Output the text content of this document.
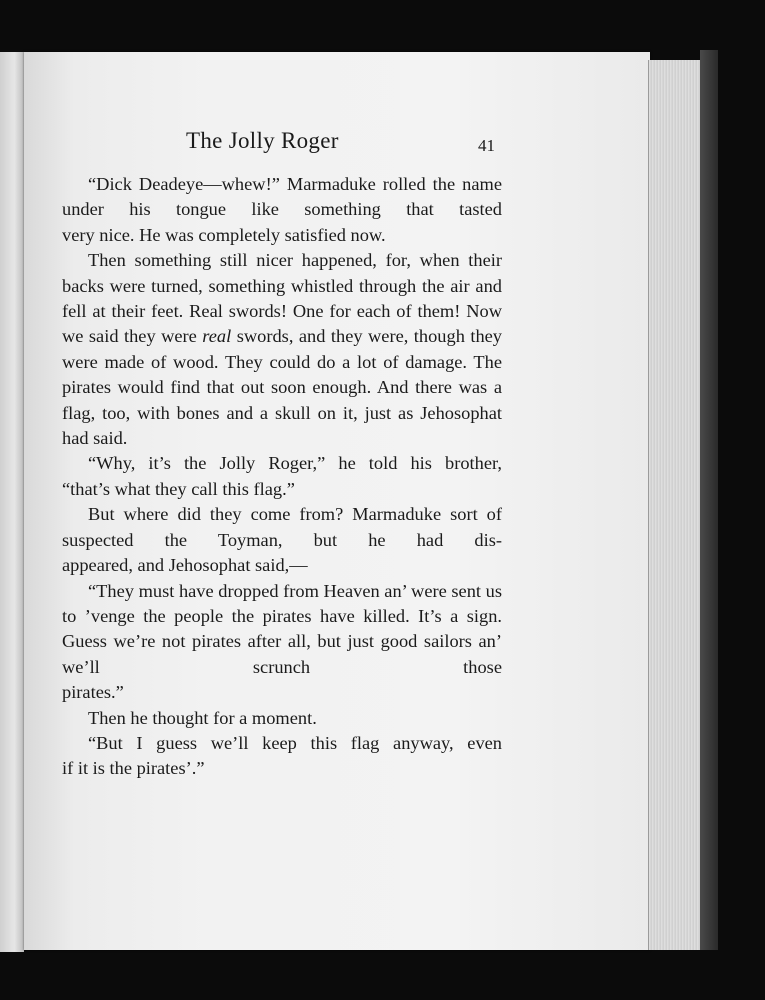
The Jolly Roger	41

“Dick Deadeye—whew!” Marmaduke rolled the name under his tongue like something that tasted

very nice. He was completely satisfied now.

Then something still nicer happened, for, when their backs were turned, something whistled through the air and fell at their feet. Real swords! One for each of them! Now we said they were real swords, and they were, though they were made of wood. They could do a lot of damage. The pirates would find that out soon enough. And there was a flag, too, with bones and a skull on it, just as Jehosophat

had said.

“Why, it’s the Jolly Roger,” he told his brother,

“that’s what they call this flag.”

But where did they come from? Marmaduke sort of suspected the Toyman, but he had dis-

appeared, and Jehosophat said,—

“They must have dropped from Heaven an’ were sent us to ’venge the people the pirates have killed. It’s a sign. Guess we’re not pirates after all, but just good sailors an’ we’ll scrunch those

pirates.”

Then he thought for a moment.

“But I guess we’ll keep this flag anyway, even

if it is the pirates’.”
